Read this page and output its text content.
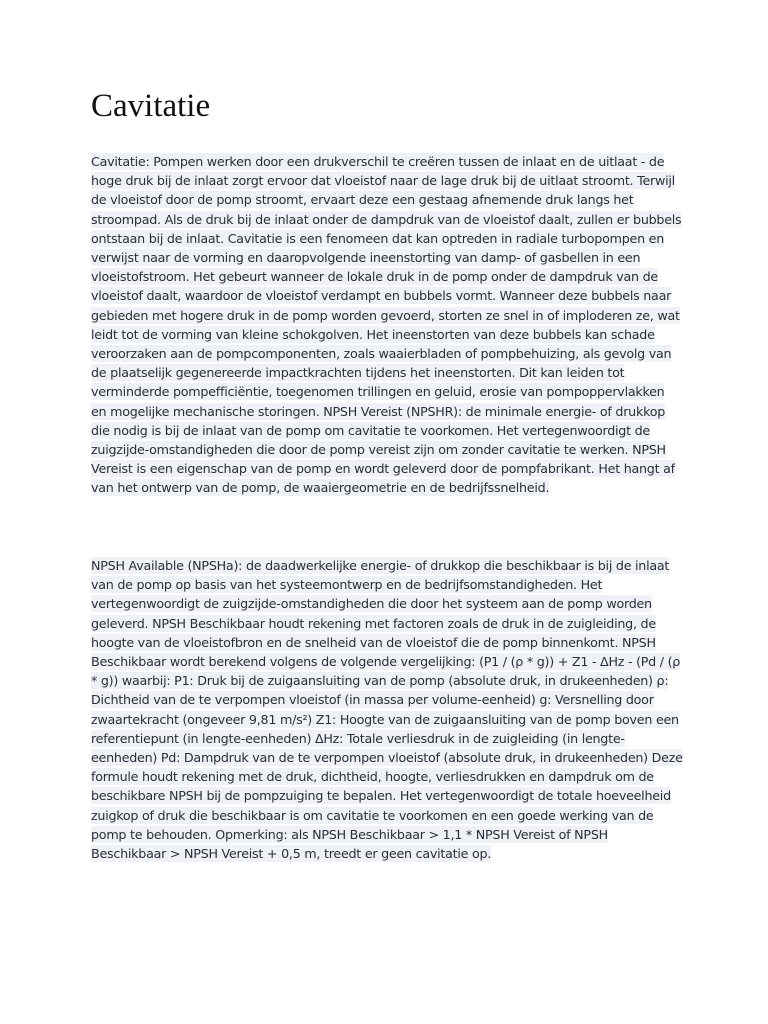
Cavitatie

Cavitatie: Pompen werken door een drukverschil te creëren tussen de inlaat en de uitlaat - de hoge druk bij de inlaat zorgt ervoor dat vloeistof naar de lage druk bij de uitlaat stroomt. Terwijl de vloeistof door de pomp stroomt, ervaart deze een gestaag afnemende druk langs het stroompad. Als de druk bij de inlaat onder de dampdruk van de vloeistof daalt, zullen er bubbels ontstaan bij de inlaat. Cavitatie is een fenomeen dat kan optreden in radiale turbopompen en verwijst naar de vorming en daaropvolgende ineenstorting van damp- of gasbellen in een vloeistofstroom. Het gebeurt wanneer de lokale druk in de pomp onder de dampdruk van de vloeistof daalt, waardoor de vloeistof verdampt en bubbels vormt. Wanneer deze bubbels naar gebieden met hogere druk in de pomp worden gevoerd, storten ze snel in of imploderen ze, wat leidt tot de vorming van kleine schokgolven. Het ineenstorten van deze bubbels kan schade veroorzaken aan de pompcomponenten, zoals waaierbladen of pompbehuizing, als gevolg van de plaatselijk gegenereerde impactkrachten tijdens het ineenstorten. Dit kan leiden tot verminderde pompefficiëntie, toegenomen trillingen en geluid, erosie van pompoppervlakken en mogelijke mechanische storingen. NPSH Vereist (NPSHR): de minimale energie- of drukkop die nodig is bij de inlaat van de pomp om cavitatie te voorkomen. Het vertegenwoordigt de zuigzijde-omstandigheden die door de pomp vereist zijn om zonder cavitatie te werken. NPSH Vereist is een eigenschap van de pomp en wordt geleverd door de pompfabrikant. Het hangt af van het ontwerp van de pomp, de waaiergeometrie en de bedrijfssnelheid.

NPSH Available (NPSHa): de daadwerkelijke energie- of drukkop die beschikbaar is bij de inlaat van de pomp op basis van het systeemontwerp en de bedrijfsomstandigheden. Het vertegenwoordigt de zuigzijde-omstandigheden die door het systeem aan de pomp worden geleverd. NPSH Beschikbaar houdt rekening met factoren zoals de druk in de zuigleiding, de hoogte van de vloeistofbron en de snelheid van de vloeistof die de pomp binnenkomt. NPSH Beschikbaar wordt berekend volgens de volgende vergelijking: (P1 / (ρ * g)) + Z1 - ΔHz - (Pd / (ρ * g)) waarbij: P1: Druk bij de zuigaansluiting van de pomp (absolute druk, in drukeenheden) ρ: Dichtheid van de te verpompen vloeistof (in massa per volume-eenheid) g: Versnelling door zwaartekracht (ongeveer 9,81 m/s²) Z1: Hoogte van de zuigaansluiting van de pomp boven een referentiepunt (in lengte-eenheden) ΔHz: Totale verliesdruk in de zuigleiding (in lengte-eenheden) Pd: Dampdruk van de te verpompen vloeistof (absolute druk, in drukeenheden) Deze formule houdt rekening met de druk, dichtheid, hoogte, verliesdrukken en dampdruk om de beschikbare NPSH bij de pompzuiging te bepalen. Het vertegenwoordigt de totale hoeveelheid zuigkop of druk die beschikbaar is om cavitatie te voorkomen en een goede werking van de pomp te behouden. Opmerking: als NPSH Beschikbaar > 1,1 * NPSH Vereist of NPSH Beschikbaar > NPSH Vereist + 0,5 m, treedt er geen cavitatie op.
